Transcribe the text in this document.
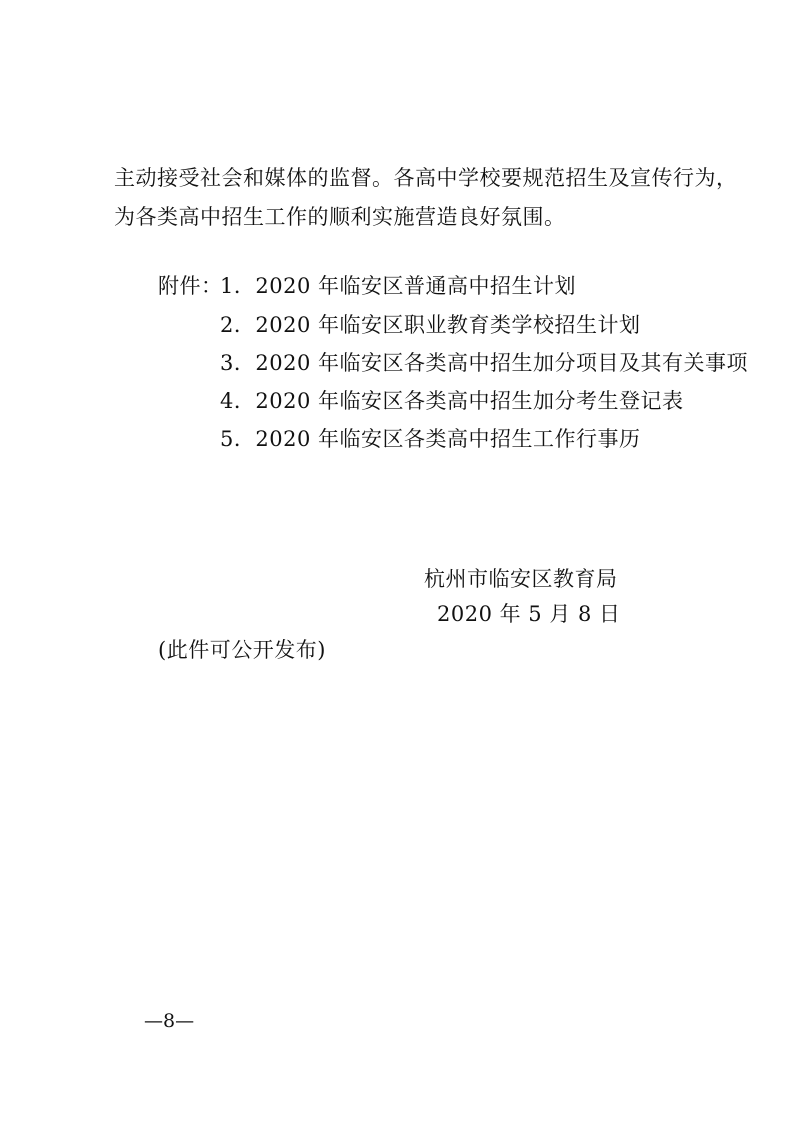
主动接受社会和媒体的监督。各高中学校要规范招生及宣传行为，
为各类高中招生工作的顺利实施营造良好氛围。
附件：
1．2020 年临安区普通高中招生计划
2．2020 年临安区职业教育类学校招生计划
3．2020 年临安区各类高中招生加分项目及其有关事项
4．2020 年临安区各类高中招生加分考生登记表
5．2020 年临安区各类高中招生工作行事历
杭州市临安区教育局
2020 年 5 月 8 日
(此件可公开发布)
—8—
